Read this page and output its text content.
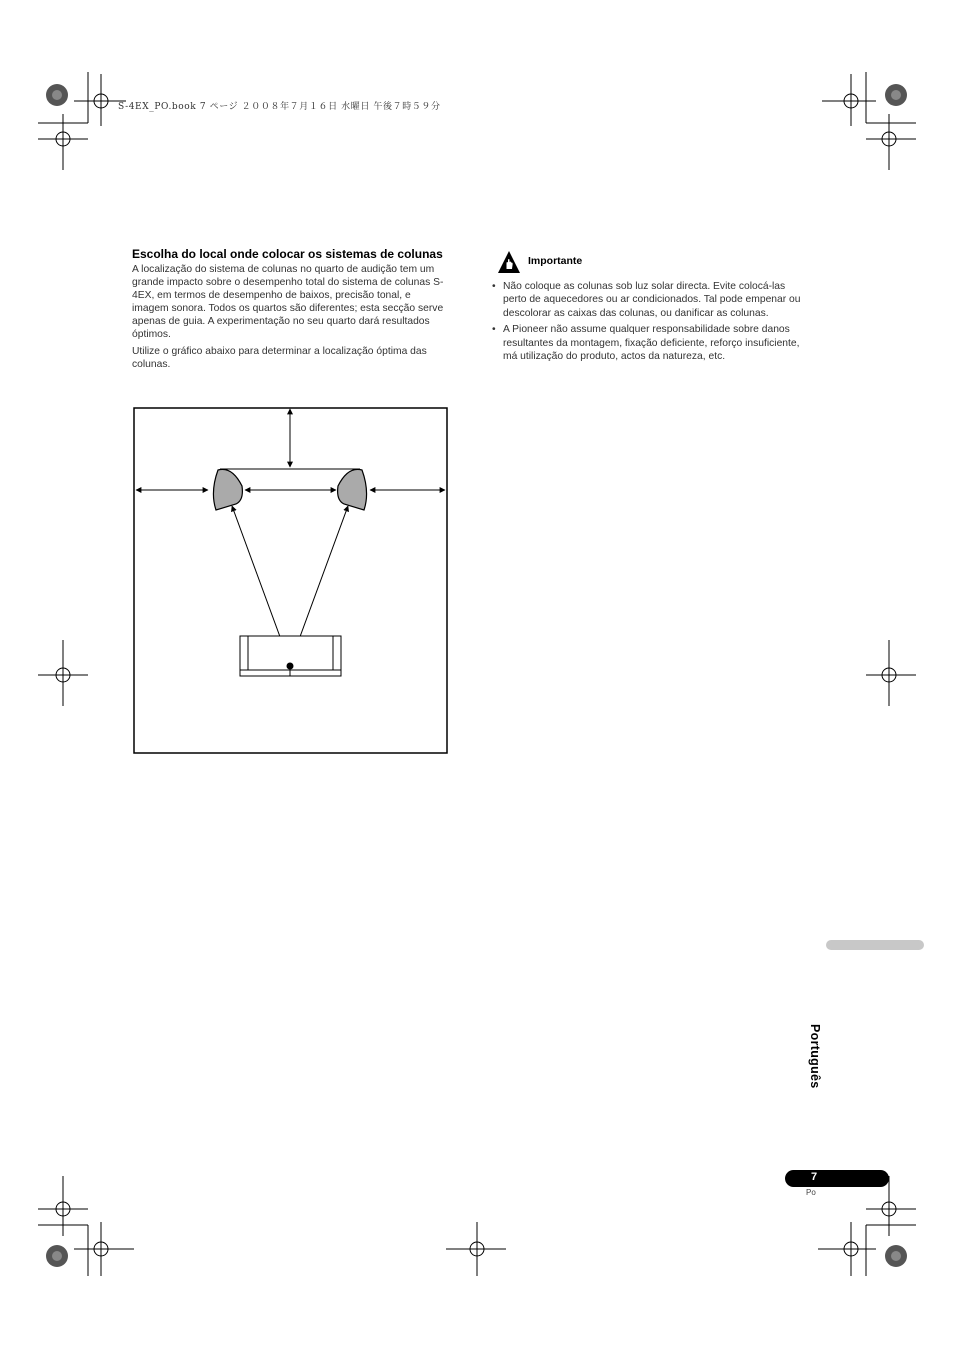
S-4EX_PO.book 7 ページ ２００８年７月１６日 水曜日 午後７時５９分
Escolha do local onde colocar os sistemas de colunas

A localização do sistema de colunas no quarto de audição tem um grande impacto sobre o desempenho total do sistema de colunas S-4EX, em termos de desempenho de baixos, precisão tonal, e imagem sonora. Todos os quartos são diferentes; esta secção serve apenas de guia. A experimentação no seu quarto dará resultados óptimos.

Utilize o gráfico abaixo para determinar a localização óptima das colunas.

Importante
• Não coloque as colunas sob luz solar directa. Evite colocá-las perto de aquecedores ou ar condicionados. Tal pode empenar ou descolorar as caixas das colunas, ou danificar as colunas.
• A Pioneer não assume qualquer responsabilidade sobre danos resultantes da montagem, fixação deficiente, reforço insuficiente, má utilização do produto, actos da natureza, etc.
Português
7
Po
